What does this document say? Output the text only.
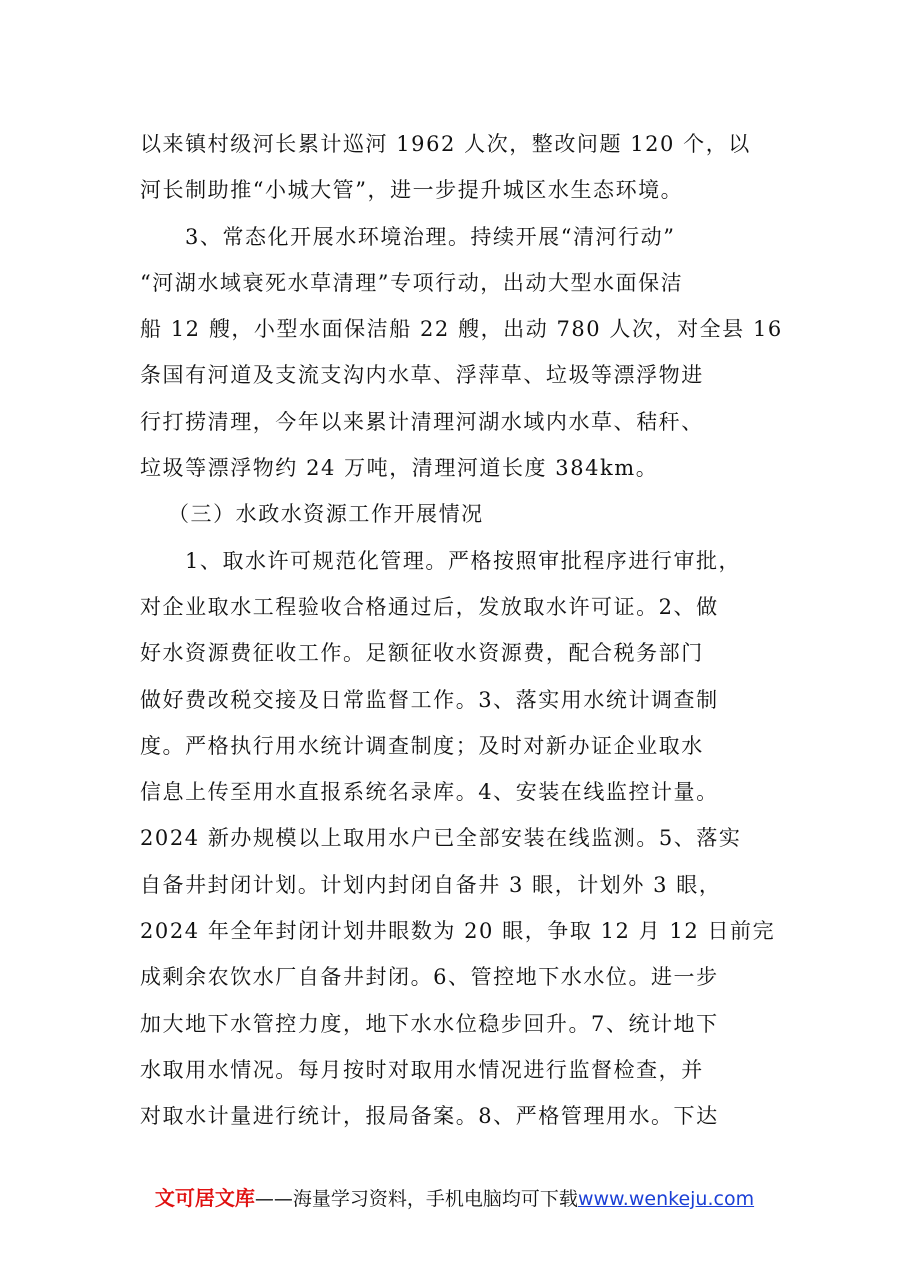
以来镇村级河长累计巡河 1962 人次，整改问题 120 个，以
河长制助推“小城大管”，进一步提升城区水生态环境。
3、常态化开展水环境治理。持续开展“清河行动”
“河湖水域衰死水草清理”专项行动，出动大型水面保洁
船 12 艘，小型水面保洁船 22 艘，出动 780 人次，对全县 16
条国有河道及支流支沟内水草、浮萍草、垃圾等漂浮物进
行打捞清理，今年以来累计清理河湖水域内水草、秸秆、
垃圾等漂浮物约 24 万吨，清理河道长度 384km。
（三）水政水资源工作开展情况
1、取水许可规范化管理。严格按照审批程序进行审批，
对企业取水工程验收合格通过后，发放取水许可证。2、做
好水资源费征收工作。足额征收水资源费，配合税务部门
做好费改税交接及日常监督工作。3、落实用水统计调查制
度。严格执行用水统计调查制度；及时对新办证企业取水
信息上传至用水直报系统名录库。4、安装在线监控计量。
2024 新办规模以上取用水户已全部安装在线监测。5、落实
自备井封闭计划。计划内封闭自备井 3 眼，计划外 3 眼，
2024 年全年封闭计划井眼数为 20 眼，争取 12 月 12 日前完
成剩余农饮水厂自备井封闭。6、管控地下水水位。进一步
加大地下水管控力度，地下水水位稳步回升。7、统计地下
水取用水情况。每月按时对取用水情况进行监督检查，并
对取水计量进行统计，报局备案。8、严格管理用水。下达
文可居文库——海量学习资料，手机电脑均可下载www.wenkeju.com
